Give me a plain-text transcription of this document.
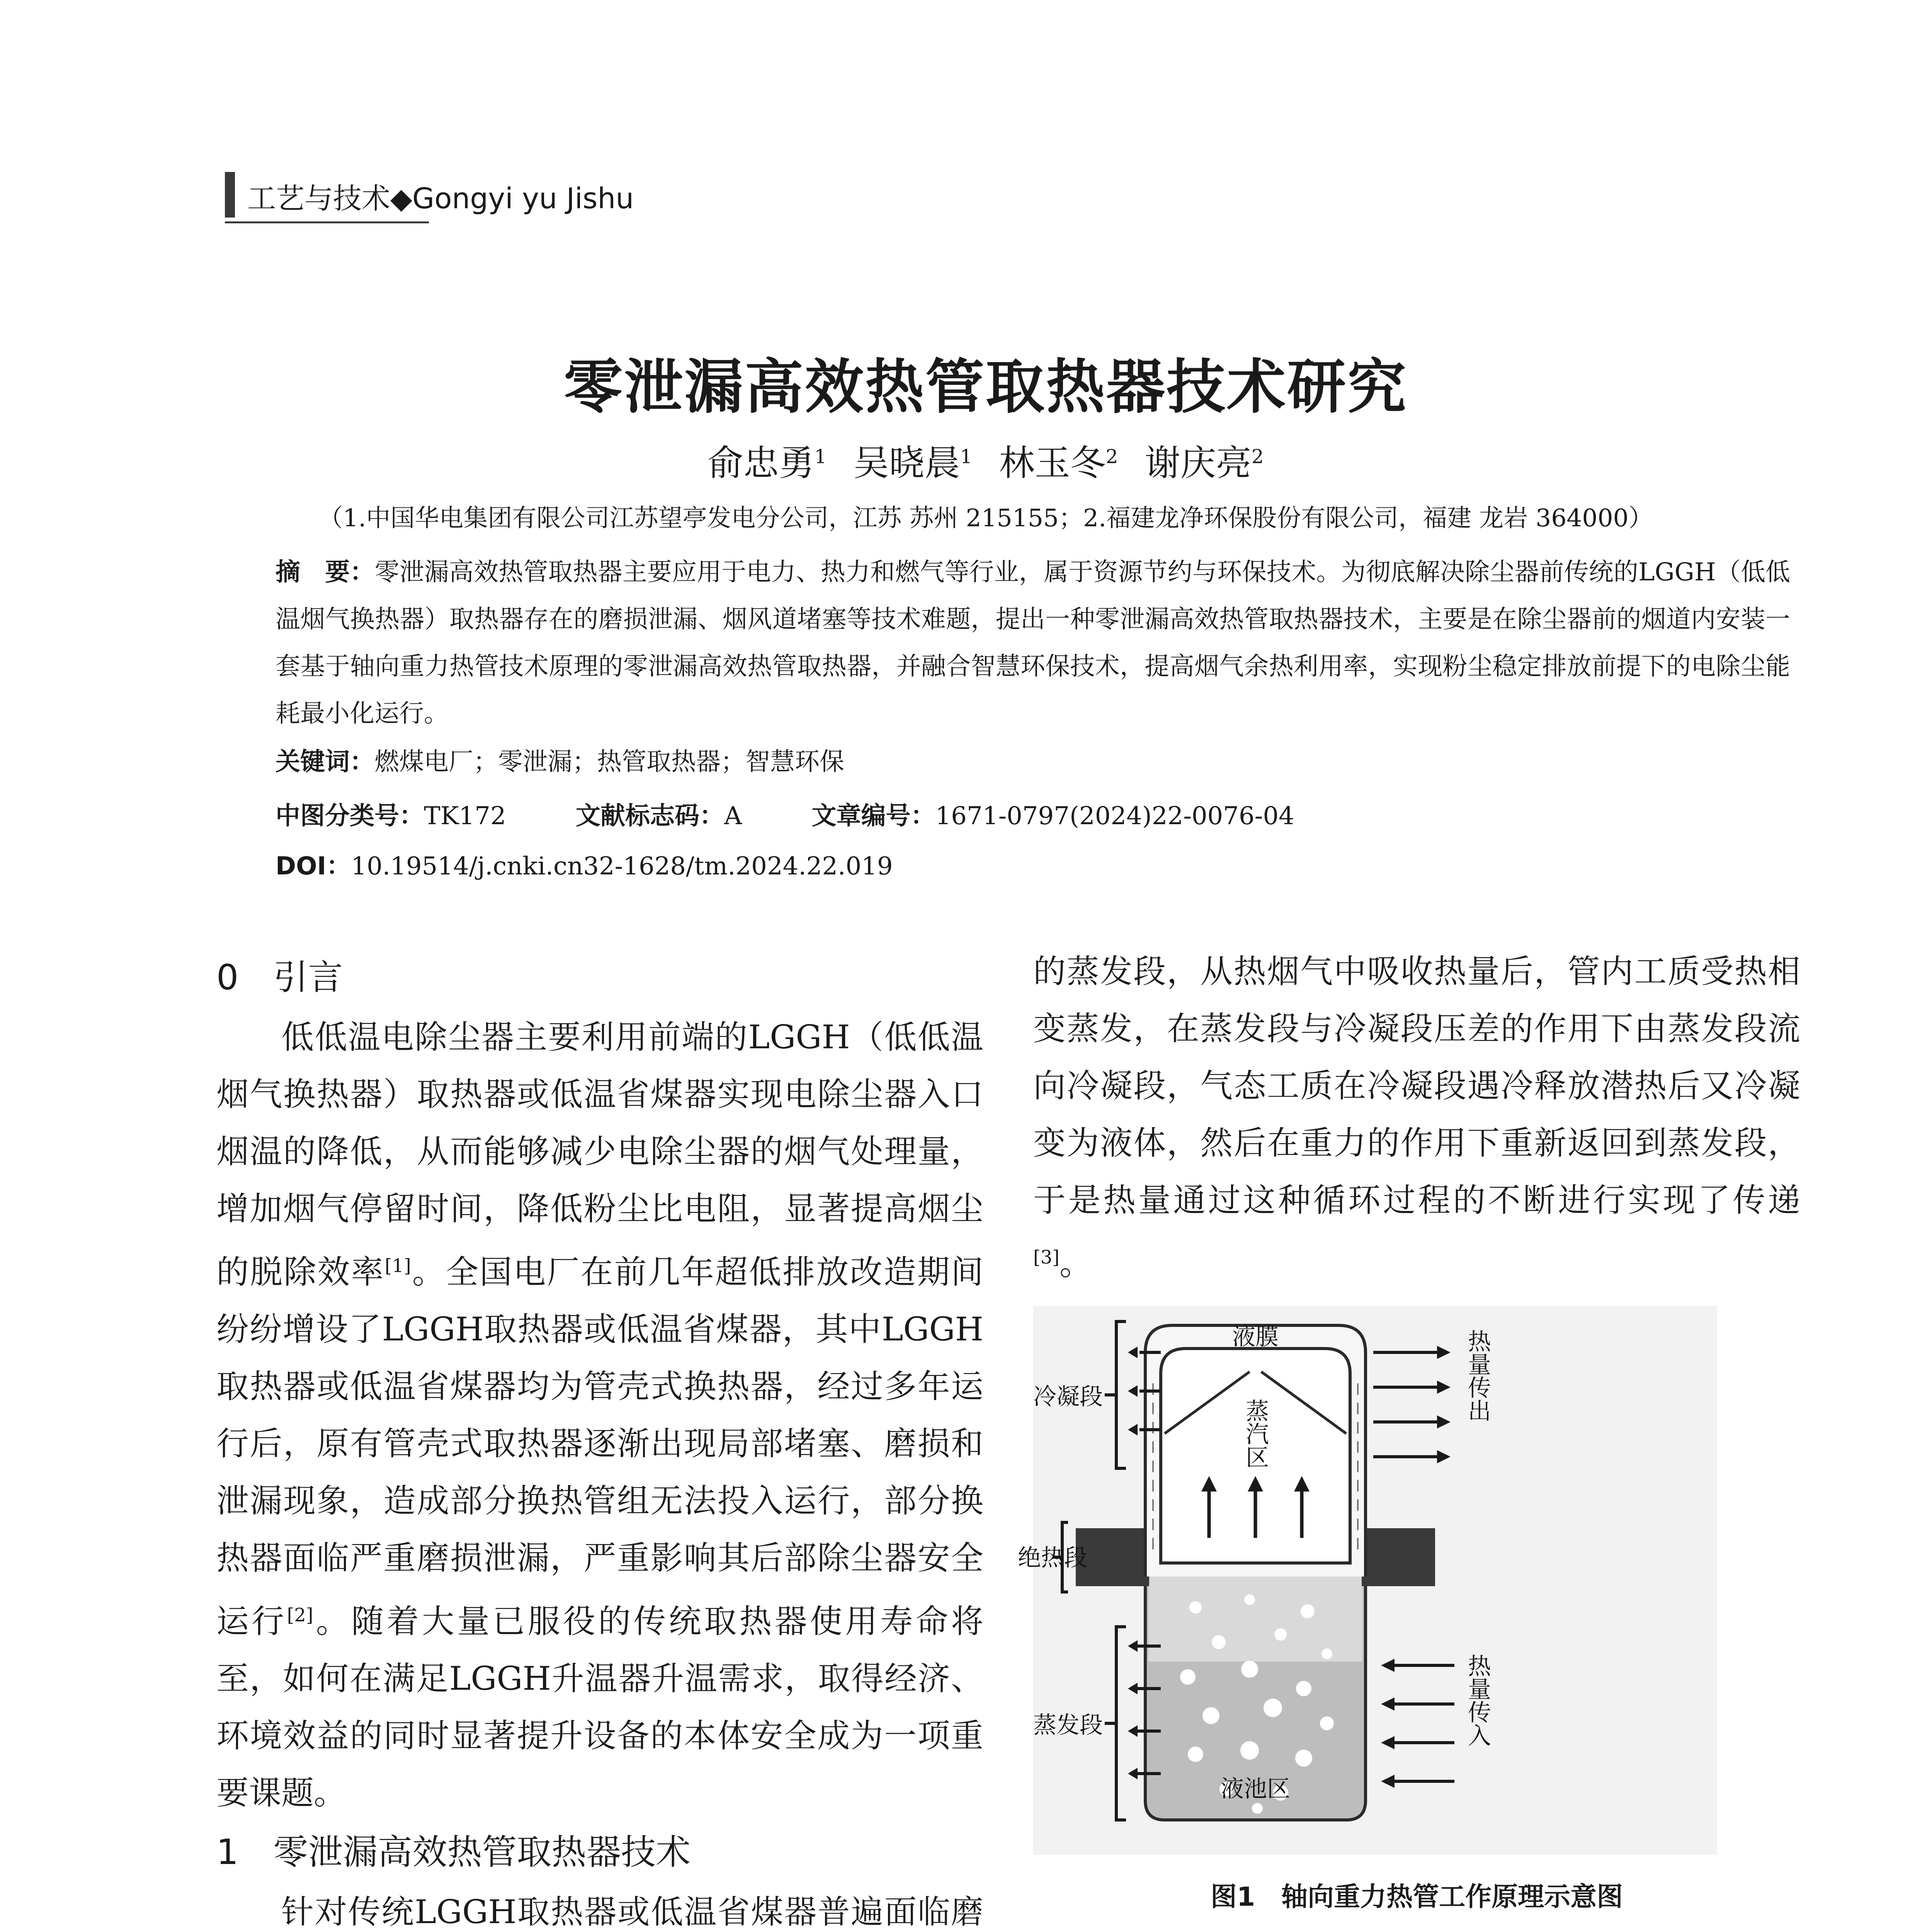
工艺与技术◆Gongyi yu Jishu
零泄漏高效热管取热器技术研究
俞忠勇$^1$ 吴晓晨$^1$ 林玉冬$^2$ 谢庆亮$^2$
（1.中国华电集团有限公司江苏望亭发电分公司，江苏 苏州 215155；2.福建龙净环保股份有限公司，福建 龙岩 364000）
摘　要：零泄漏高效热管取热器主要应用于电力、热力和燃气等行业，属于资源节约与环保技术。为彻底解决除尘器前传统的LGGH（低低温烟气换热器）取热器存在的磨损泄漏、烟风道堵塞等技术难题，提出一种零泄漏高效热管取热器技术，主要是在除尘器前的烟道内安装一套基于轴向重力热管技术原理的零泄漏高效热管取热器，并融合智慧环保技术，提高烟气余热利用率，实现粉尘稳定排放前提下的电除尘能耗最小化运行。
关键词：燃煤电厂；零泄漏；热管取热器；智慧环保
中图分类号：TK172	文献标志码：A	文章编号：1671-0797(2024)22-0076-04
DOI：10.19514/j.cnki.cn32-1628/tm.2024.22.019
0　引言

低低温电除尘器主要利用前端的LGGH（低低温烟气换热器）取热器或低温省煤器实现电除尘器入口烟温的降低，从而能够减少电除尘器的烟气处理量，增加烟气停留时间，降低粉尘比电阻，显著提高烟尘的脱除效率[1]。全国电厂在前几年超低排放改造期间纷纷增设了LGGH取热器或低温省煤器，其中LGGH取热器或低温省煤器均为管壳式换热器，经过多年运行后，原有管壳式取热器逐渐出现局部堵塞、磨损和泄漏现象，造成部分换热管组无法投入运行，部分换热器面临严重磨损泄漏，严重影响其后部除尘器安全运行[2]。随着大量已服役的传统取热器使用寿命将至，如何在满足LGGH升温器升温需求，取得经济、环境效益的同时显著提升设备的本体安全成为一项重要课题。

1　零泄漏高效热管取热器技术

针对传统LGGH取热器或低温省煤器普遍面临磨

的蒸发段，从热烟气中吸收热量后，管内工质受热相变蒸发，在蒸发段与冷凝段压差的作用下由蒸发段流向冷凝段，气态工质在冷凝段遇冷释放潜热后又冷凝变为液体，然后在重力的作用下重新返回到蒸发段，于是热量通过这种循环过程的不断进行实现了传递[3]。

冷凝段
绝热段
蒸发段
液膜
蒸汽区
液池区
热量传出
热量传入
图1　轴向重力热管工作原理示意图
